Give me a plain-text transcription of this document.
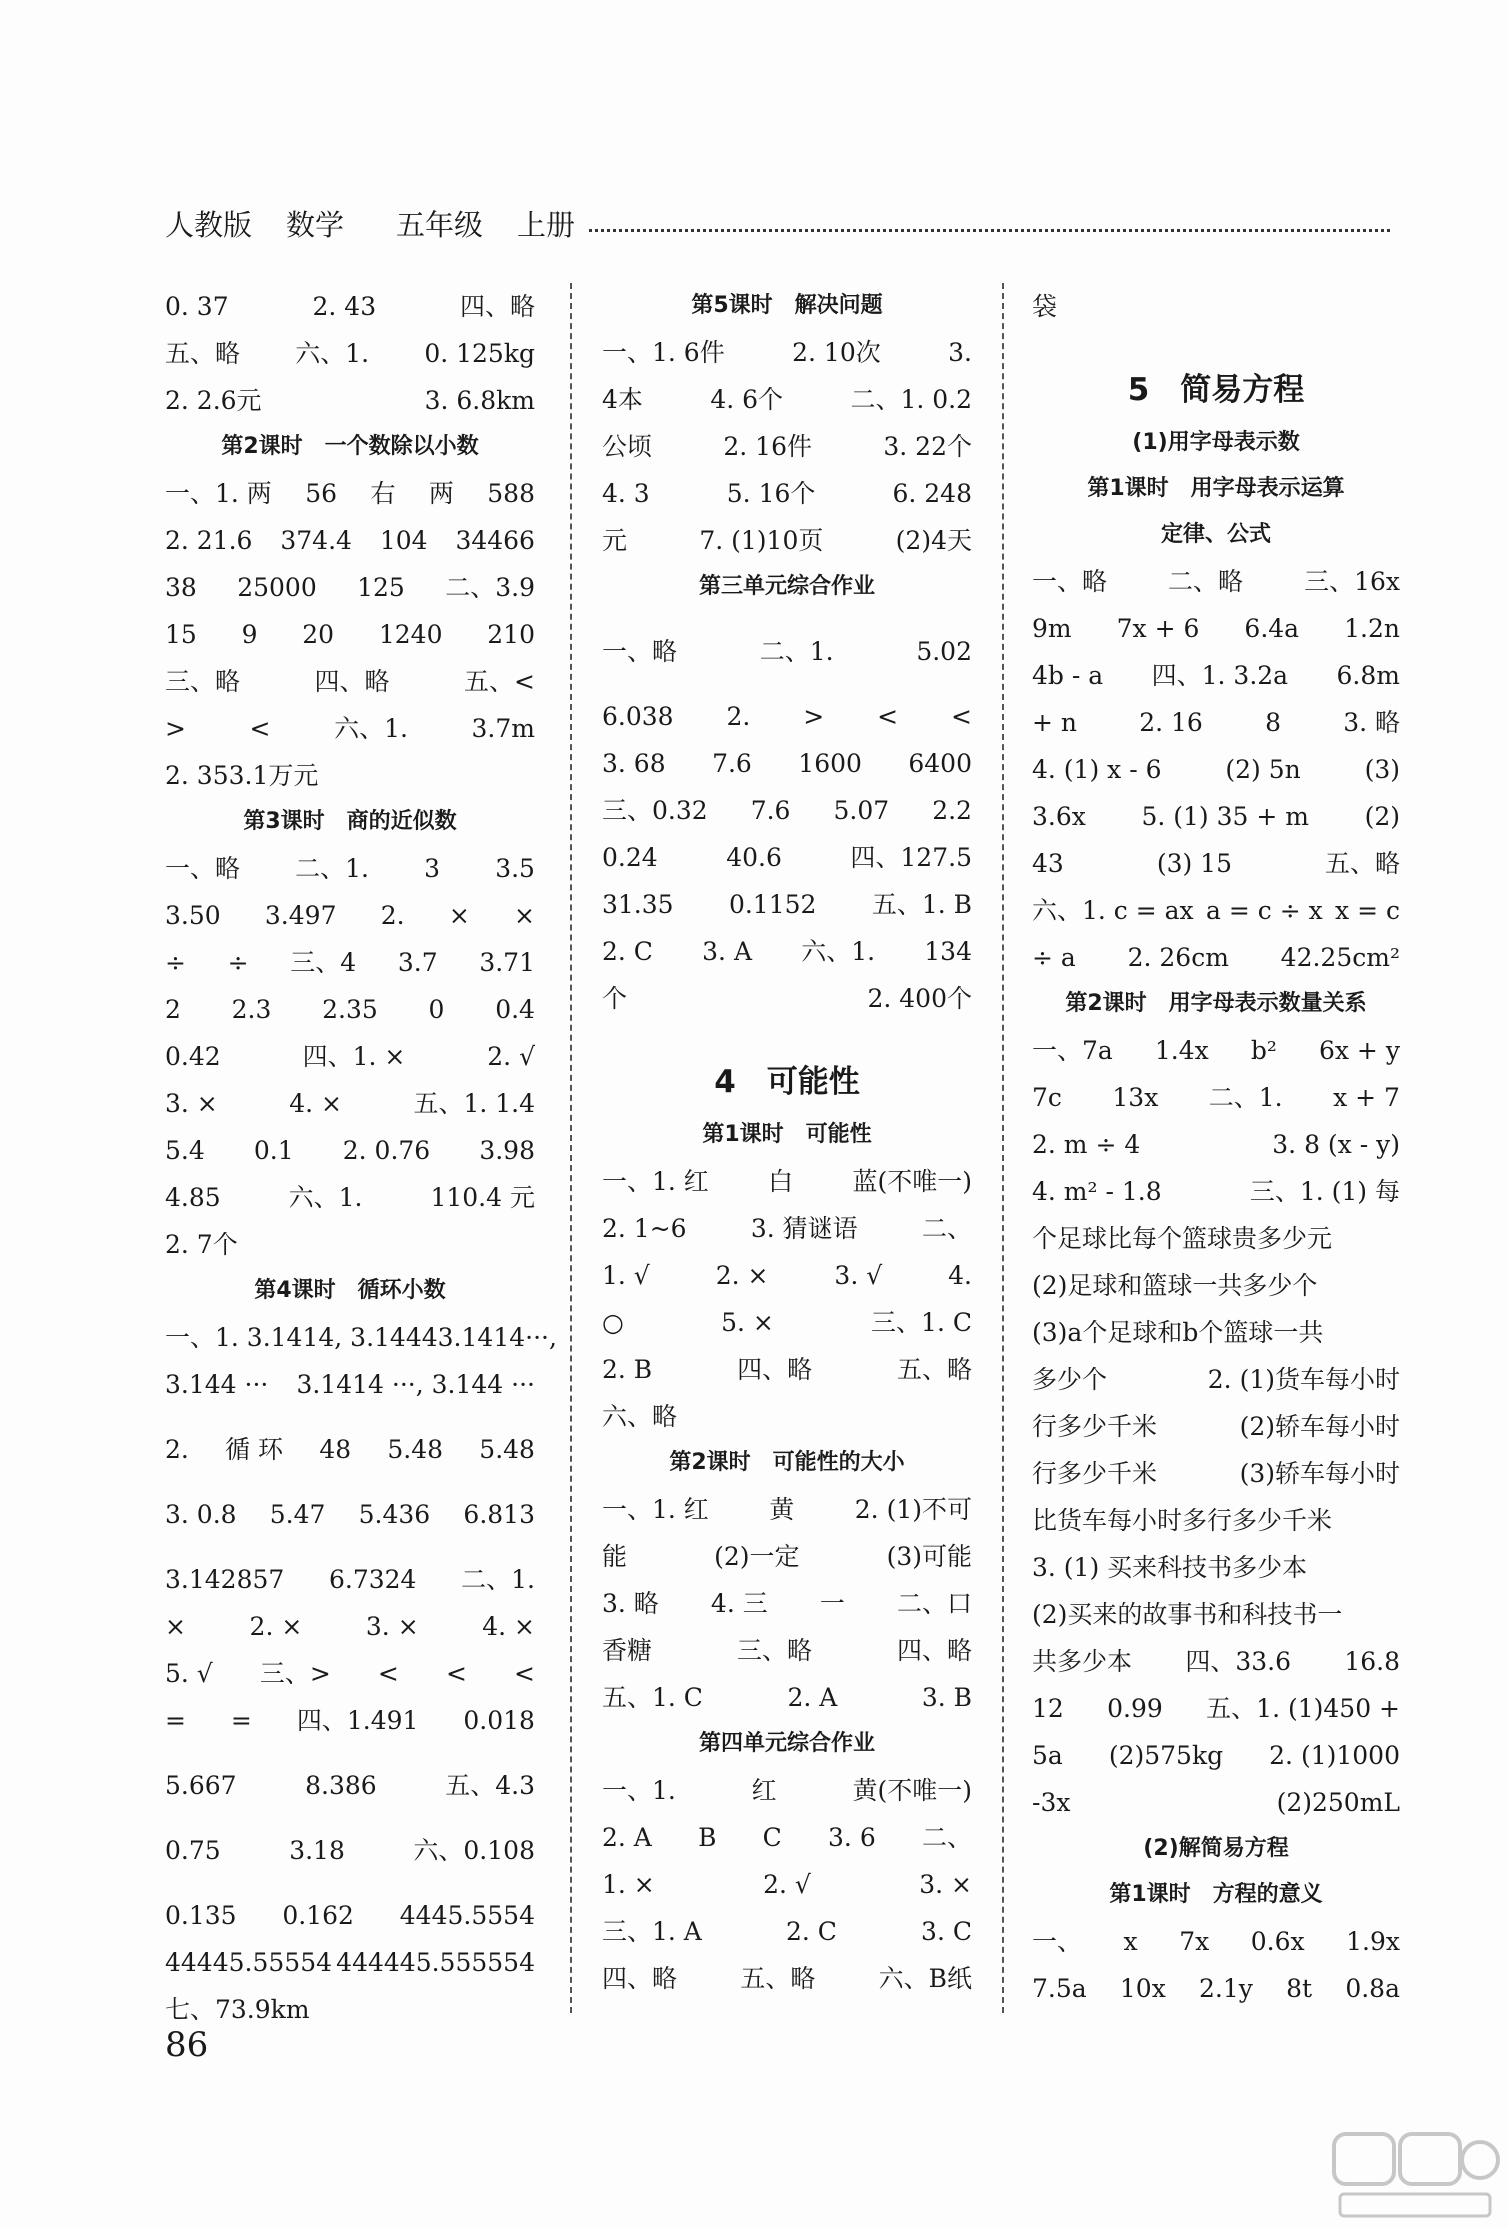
人教版 数学 五年级 上册
0. 37	2. 43	四、略
五、略 六、1. 0. 125kg
2. 2.6元	3. 6.8km
第2课时　一个数除以小数
一、1. 两 56 右 两 588
2. 21.6 374.4 104 34466
38 25000 125 二、3.9
15 9 20 1240 210
三、略	四、略	五、<
>	<	六、1.	3.7m
2. 353.1万元
第3课时　商的近似数
一、略 二、1. 3 3.5
3.50 3.497 2. × ×
÷ ÷ 三、4 3.7 3.71
2 2.3 2.35 0 0.4
0.42	四、1. ×	2. √
3. ×	4. ×	五、1. 1.4
5.4 0.1 2. 0.76 3.98
4.85	六、1.	110.4 元
2. 7个
第4课时　循环小数
一、1. 3.1414, 3.1444 3.1414···,
3.144 ··· 3.1414 ···, 3.144 ···
2. 循 环 48 5.48 5.48
3. 0.8 5.47 5.436 6.813
3.142857 6.7324 二、1.
×	2. ×	3. ×	4. ×
5. √ 三、> < < <
= = 四、1.491 0.018
5.667	8.386	五、4.3
0.75	3.18	六、0.108
0.135 0.162 4445.5554
44445.55554 444445.555554
七、73.9km
第5课时　解决问题
一、1. 6件	2. 10次	3.
4本	4. 6个	二、1. 0.2
公顷	2. 16件	3. 22个
4. 3	5. 16个	6. 248
元	7. (1)10页	(2)4天
第三单元综合作业
一、略	二、1.	5.02
6.038 2. > < <
3. 68 7.6 1600 6400
三、0.32 7.6 5.07 2.2
0.24	40.6	四、127.5
31.35 0.1152 五、1. B
2. C 3. A 六、1. 134
个	2. 400个
4　可能性
第1课时　可能性
一、1. 红 白 蓝(不唯一)
2. 1~6	3. 猜谜语	二、
1. √	2. ×	3. √	4.
○	5. ×	三、1. C
2. B	四、略	五、略
六、略
第2课时　可能性的大小
一、1. 红 黄 2. (1)不可
能	(2)一定	(3)可能
3. 略 4. 三 一 二、口
香糖	三、略	四、略
五、1. C	2. A	3. B
第四单元综合作业
一、1.	红	黄(不唯一)
2. A B C 3. 6 二、
1. ×	2. √	3. ×
三、1. A	2. C	3. C
四、略	五、略	六、B纸
袋
5　简易方程
(1)用字母表示数
第1课时　用字母表示运算
定律、公式
一、略 二、略 三、16x
9m 7x + 6 6.4a 1.2n
4b - a 四、1. 3.2a 6.8m
+ n 2. 16 8 3. 略
4. (1) x - 6	(2) 5n	(3)
3.6x 5. (1) 35 + m (2)
43	(3) 15	五、略
六、1. c = ax a = c ÷ x x = c
÷ a 2. 26cm 42.25cm²
第2课时　用字母表示数量关系
一、7a 1.4x b² 6x + y
7c 13x 二、1. x + 7
2. m ÷ 4	3. 8 (x - y)
4. m² - 1.8	三、1. (1) 每
个足球比每个篮球贵多少元
(2)足球和篮球一共多少个
(3)a个足球和b个篮球一共
多少个	2. (1)货车每小时
行多少千米	(2)轿车每小时
行多少千米	(3)轿车每小时
比货车每小时多行多少千米
3. (1) 买来科技书多少本
(2)买来的故事书和科技书一
共多少本 四、33.6 16.8
12 0.99 五、1. (1)450 +
5a (2)575kg 2. (1)1000
-3x	(2)250mL
(2)解简易方程
第1课时　方程的意义
一、 x 7x 0.6x 1.9x
7.5a 10x 2.1y 8t 0.8a
86
